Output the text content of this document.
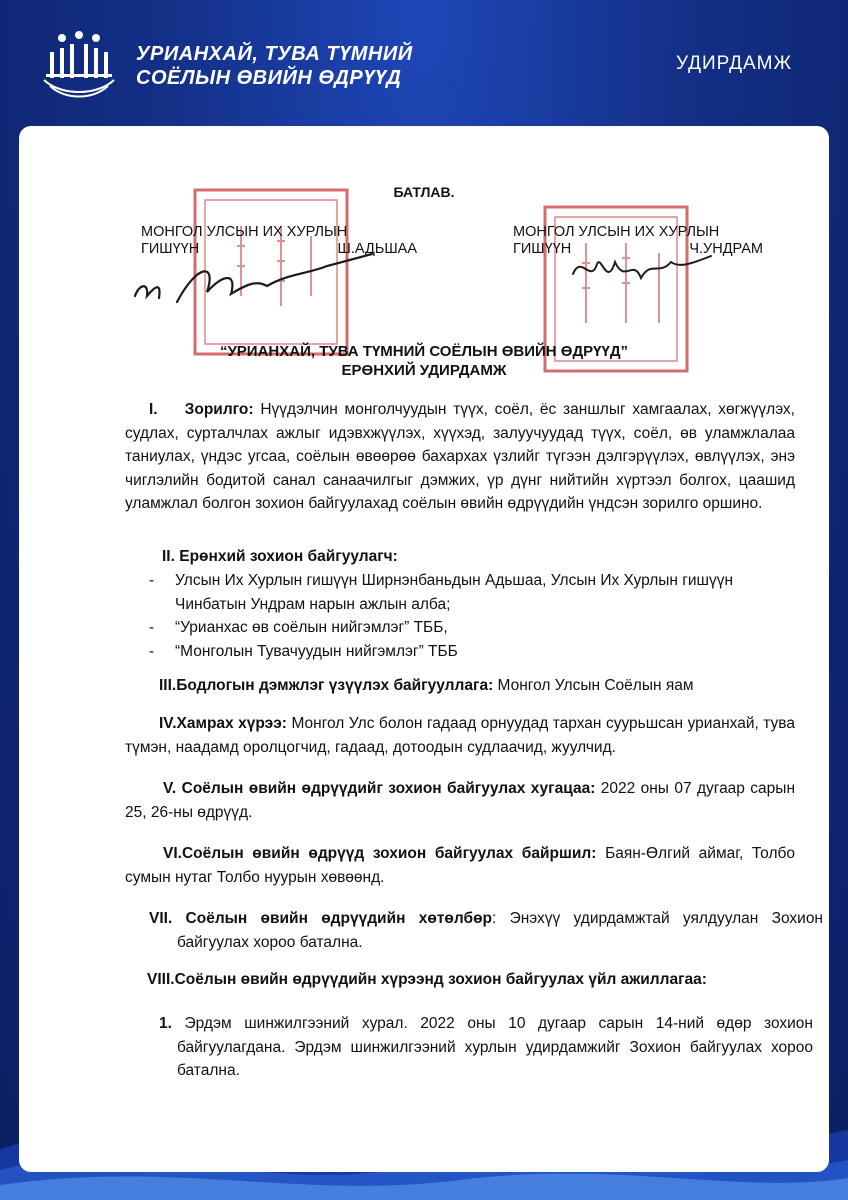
УРИАНХАЙ, ТУВА ТҮМНИЙ
СОЁЛЫН ӨВИЙН ӨДРҮҮД
УДИРДАМЖ
БАТЛАВ.
МОНГОЛ УЛСЫН ИХ ХУРЛЫН
ГИШҮҮН	Ш.АДЬШАА
МОНГОЛ УЛСЫН ИХ ХУРЛЫН
ГИШҮҮН	Ч.УНДРАМ
“УРИАНХАЙ, ТУВА ТҮМНИЙ СОЁЛЫН ӨВИЙН ӨДРҮҮД”
ЕРӨНХИЙ УДИРДАМЖ
I. Зорилго: Нүүдэлчин монголчуудын түүх, соёл, ёс заншлыг хамгаалах, хөгжүүлэх, судлах, сурталчлах ажлыг идэвхжүүлэх, хүүхэд, залуучуудад түүх, соёл, өв уламжлалаа таниулах, үндэс угсаа, соёлын өвөөрөө бахархах үзлийг түгээн дэлгэрүүлэх, өвлүүлэх, энэ чиглэлийн бодитой санал санаачилгыг дэмжих, үр дүнг нийтийн хүртээл болгох, цаашид уламжлал болгон зохион байгуулахад соёлын өвийн өдрүүдийн үндсэн зорилго оршино.
II. Ерөнхий зохион байгуулагч:
- Улсын Их Хурлын гишүүн Ширнэнбаньдын Адьшаа, Улсын Их Хурлын гишүүн Чинбатын Ундрам нарын ажлын алба;
- “Урианхас өв соёлын нийгэмлэг” ТББ,
- “Монголын Тувачуудын нийгэмлэг” ТББ
III.Бодлогын дэмжлэг үзүүлэх байгууллага: Монгол Улсын Соёлын яам
IV.Хамрах хүрээ: Монгол Улс болон гадаад орнуудад тархан суурьшсан урианхай, тува түмэн, наадамд оролцогчид, гадаад, дотоодын судлаачид, жуулчид.
V. Соёлын өвийн өдрүүдийг зохион байгуулах хугацаа: 2022 оны 07 дугаар сарын 25, 26-ны өдрүүд.
VI.Соёлын өвийн өдрүүд зохион байгуулах байршил: Баян-Өлгий аймаг, Толбо сумын нутаг Толбо нуурын хөвөөнд.
VII. Соёлын өвийн өдрүүдийн хөтөлбөр: Энэхүү удирдамжтай уялдуулан Зохион байгуулах хороо батална.
VIII.Соёлын өвийн өдрүүдийн хүрээнд зохион байгуулах үйл ажиллагаа:
1. Эрдэм шинжилгээний хурал. 2022 оны 10 дугаар сарын 14-ний өдөр зохион байгуулагдана. Эрдэм шинжилгээний хурлын удирдамжийг Зохион байгуулах хороо батална.
